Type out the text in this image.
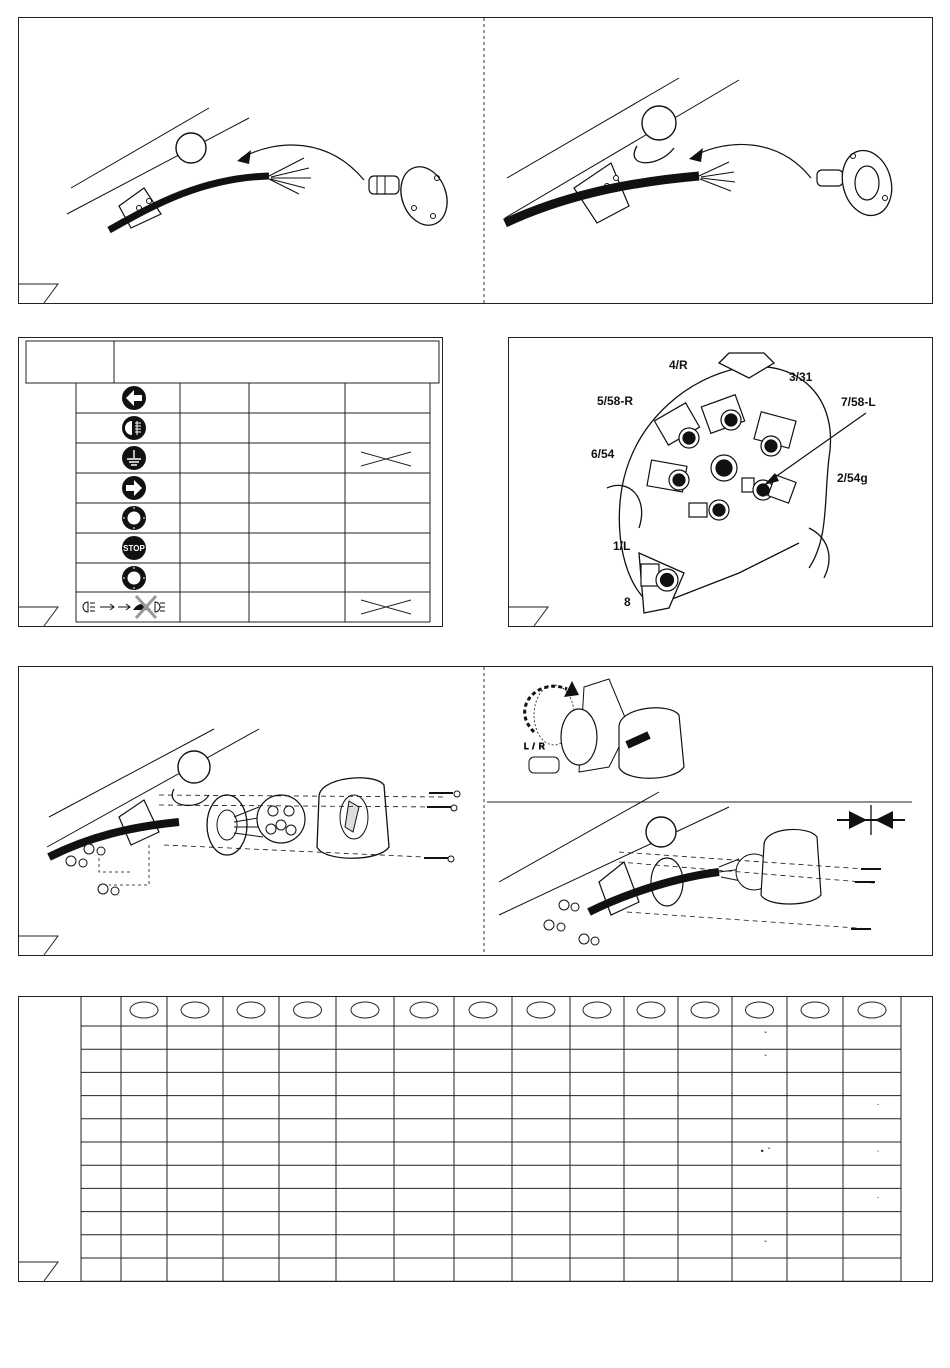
STOP
4/R
3/31
5/58-R	7/58-L
6/54
2/54g
1/L
8
L / R
ˇ
ˇ
·
• ˇ	·
·
ˇ
